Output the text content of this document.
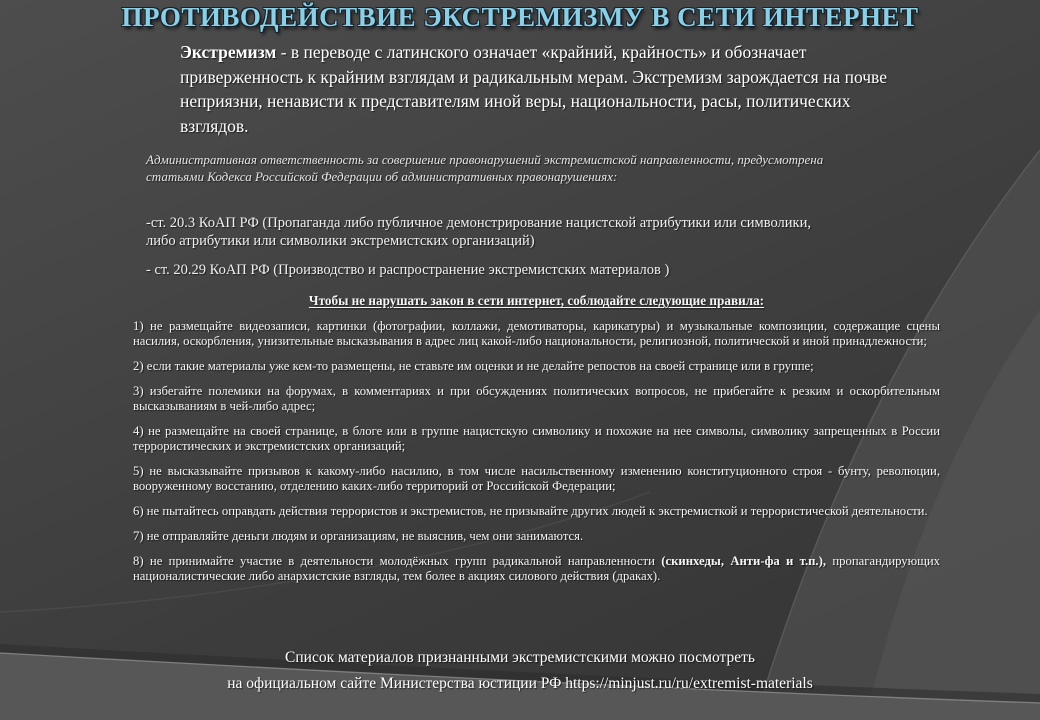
ПРОТИВОДЕЙСТВИЕ ЭКСТРЕМИЗМУ В СЕТИ ИНТЕРНЕТ

Экстремизм - в переводе с латинского означает «крайний, крайность» и обозначает приверженность к крайним взглядам и радикальным мерам. Экстремизм зарождается на почве неприязни, ненависти к представителям иной веры, национальности, расы, политических взглядов.

Административная ответственность за совершение правонарушений экстремистской направленности, предусмотрена статьями Кодекса Российской Федерации об административных правонарушениях:

-ст. 20.3 КоАП РФ (Пропаганда либо публичное демонстрирование нацистской атрибутики или символики, либо атрибутики или символики экстремистских организаций)

- ст. 20.29 КоАП РФ (Производство и распространение экстремистских материалов )

Чтобы не нарушать закон в сети интернет, соблюдайте следующие правила:

1) не размещайте видеозаписи, картинки (фотографии, коллажи, демотиваторы, карикатуры) и музыкальные композиции, содержащие сцены насилия, оскорбления, унизительные высказывания в адрес лиц какой-либо национальности, религиозной, политической и иной принадлежности;

2) если такие материалы уже кем-то размещены, не ставьте им оценки и не делайте репостов на своей странице или в группе;

3) избегайте полемики на форумах, в комментариях и при обсуждениях политических вопросов, не прибегайте к резким и оскорбительным высказываниям в чей-либо адрес;

4) не размещайте на своей странице, в блоге или в группе нацистскую символику и похожие на нее символы, символику запрещенных в России террористических и экстремистских организаций;

5) не высказывайте призывов к какому-либо насилию, в том числе насильственному изменению конституционного строя - бунту, революции, вооруженному восстанию, отделению каких-либо территорий от Российской Федерации;

6) не пытайтесь оправдать действия террористов и экстремистов, не призывайте других людей к экстремисткой и террористической деятельности.

7) не отправляйте деньги людям и организациям, не выяснив, чем они занимаются.

8) не принимайте участие в деятельности молодёжных групп радикальной направленности (скинхеды, Анти-фа и т.п.), пропагандирующих националистические либо анархистские взгляды, тем более в акциях силового действия (драках).

Список материалов признанными экстремистскими можно посмотреть

на официальном сайте Министерства юстиции РФ https://minjust.ru/ru/extremist-materials
